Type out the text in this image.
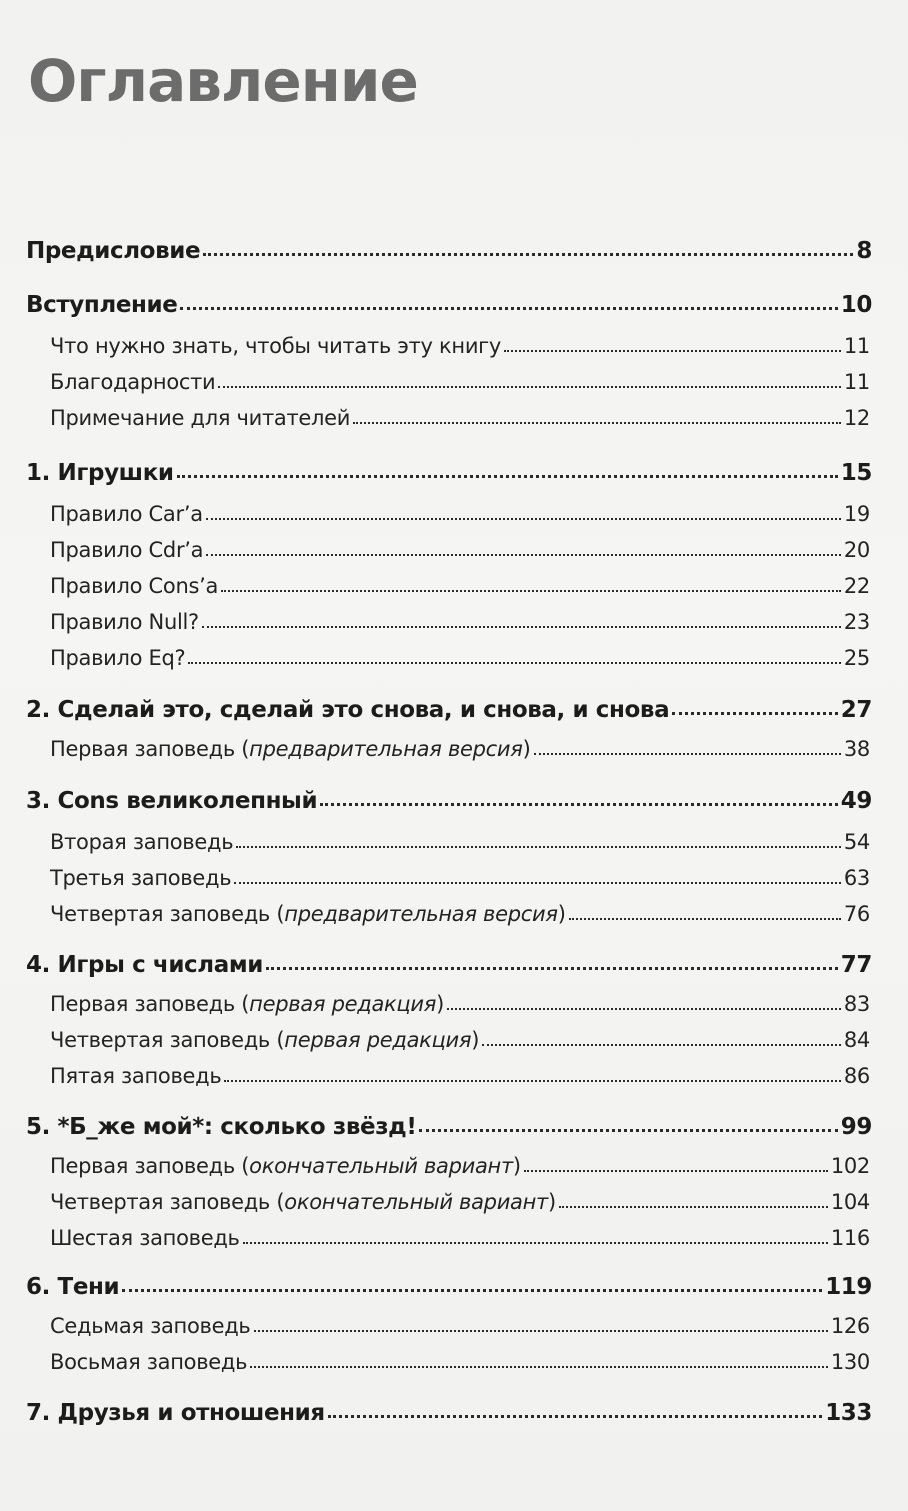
Оглавление
Предисловие	8
Вступление	10
Что нужно знать, чтобы читать эту книгу	11
Благодарности	11
Примечание для читателей	12
1. Игрушки	15
Правило Car’а	19
Правило Cdr’а	20
Правило Cons’а	22
Правило Null?	23
Правило Eq?	25
2. Сделай это, сделай это снова, и снова, и снова	27
Первая заповедь (предварительная версия)	38
3. Cons великолепный	49
Вторая заповедь	54
Третья заповедь	63
Четвертая заповедь (предварительная версия)	76
4. Игры с числами	77
Первая заповедь (первая редакция)	83
Четвертая заповедь (первая редакция)	84
Пятая заповедь	86
5. *Б_же мой*: сколько звёзд!	99
Первая заповедь (окончательный вариант)	102
Четвертая заповедь (окончательный вариант)	104
Шестая заповедь	116
6. Тени	119
Седьмая заповедь	126
Восьмая заповедь	130
7. Друзья и отношения	133
